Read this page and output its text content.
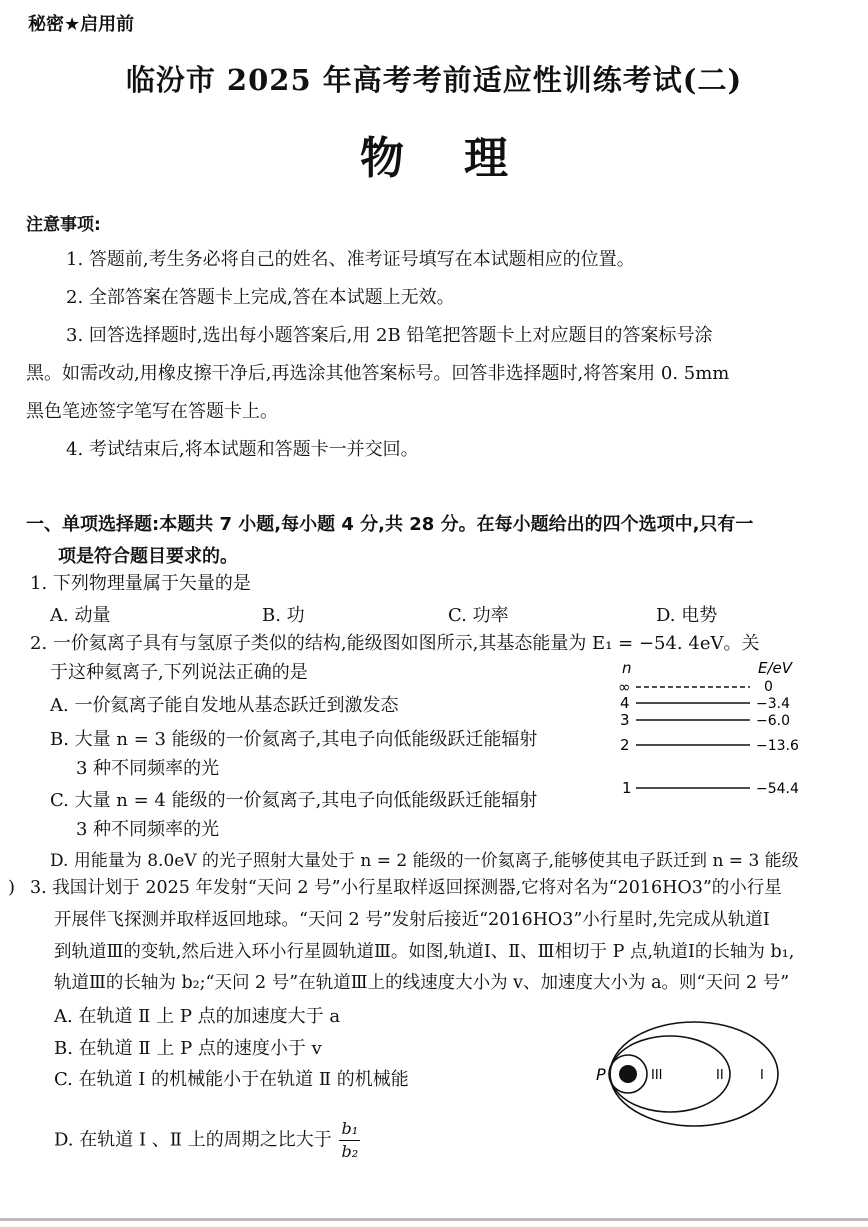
秘密★启用前
临汾市 2025 年高考考前适应性训练考试(二)
物理
注意事项:
1. 答题前,考生务必将自己的姓名、准考证号填写在本试题相应的位置。
2. 全部答案在答题卡上完成,答在本试题上无效。
3. 回答选择题时,选出每小题答案后,用 2B 铅笔把答题卡上对应题目的答案标号涂
黑。如需改动,用橡皮擦干净后,再选涂其他答案标号。回答非选择题时,将答案用 0. 5mm
黑色笔迹签字笔写在答题卡上。
4. 考试结束后,将本试题和答题卡一并交回。
一、单项选择题:本题共 7 小题,每小题 4 分,共 28 分。在每小题给出的四个选项中,只有一
项是符合题目要求的。
1. 下列物理量属于矢量的是
A. 动量	B. 功	C. 功率	D. 电势
2. 一价氦离子具有与氢原子类似的结构,能级图如图所示,其基态能量为 E₁ = −54. 4eV。关
于这种氦离子,下列说法正确的是
A. 一价氦离子能自发地从基态跃迁到激发态
B. 大量 n = 3 能级的一价氦离子,其电子向低能级跃迁能辐射
3 种不同频率的光
C. 大量 n = 4 能级的一价氦离子,其电子向低能级跃迁能辐射
3 种不同频率的光
D. 用能量为 8.0eV 的光子照射大量处于 n = 2 能级的一价氦离子,能够使其电子跃迁到 n = 3 能级
n	E/eV
∞
4
3
2
1
0
−3.4
−6.0
−13.6
−54.4
) 3. 我国计划于 2025 年发射“天问 2 号”小行星取样返回探测器,它将对名为“2016HO3”的小行星
开展伴飞探测并取样返回地球。“天问 2 号”发射后接近“2016HO3”小行星时,先完成从轨道Ⅰ
到轨道Ⅲ的变轨,然后进入环小行星圆轨道Ⅲ。如图,轨道Ⅰ、Ⅱ、Ⅲ相切于 P 点,轨道Ⅰ的长轴为 b₁,
轨道Ⅲ的长轴为 b₂;“天问 2 号”在轨道Ⅲ上的线速度大小为 v、加速度大小为 a。则“天问 2 号”
A. 在轨道 Ⅱ 上 P 点的加速度大于 a
B. 在轨道 Ⅱ 上 P 点的速度小于 v
C. 在轨道 Ⅰ 的机械能小于在轨道 Ⅱ 的机械能
D. 在轨道 Ⅰ 、Ⅱ 上的周期之比大于 $\frac{\text{b₁}}{\text{b₂}}$
P	III	II	I
